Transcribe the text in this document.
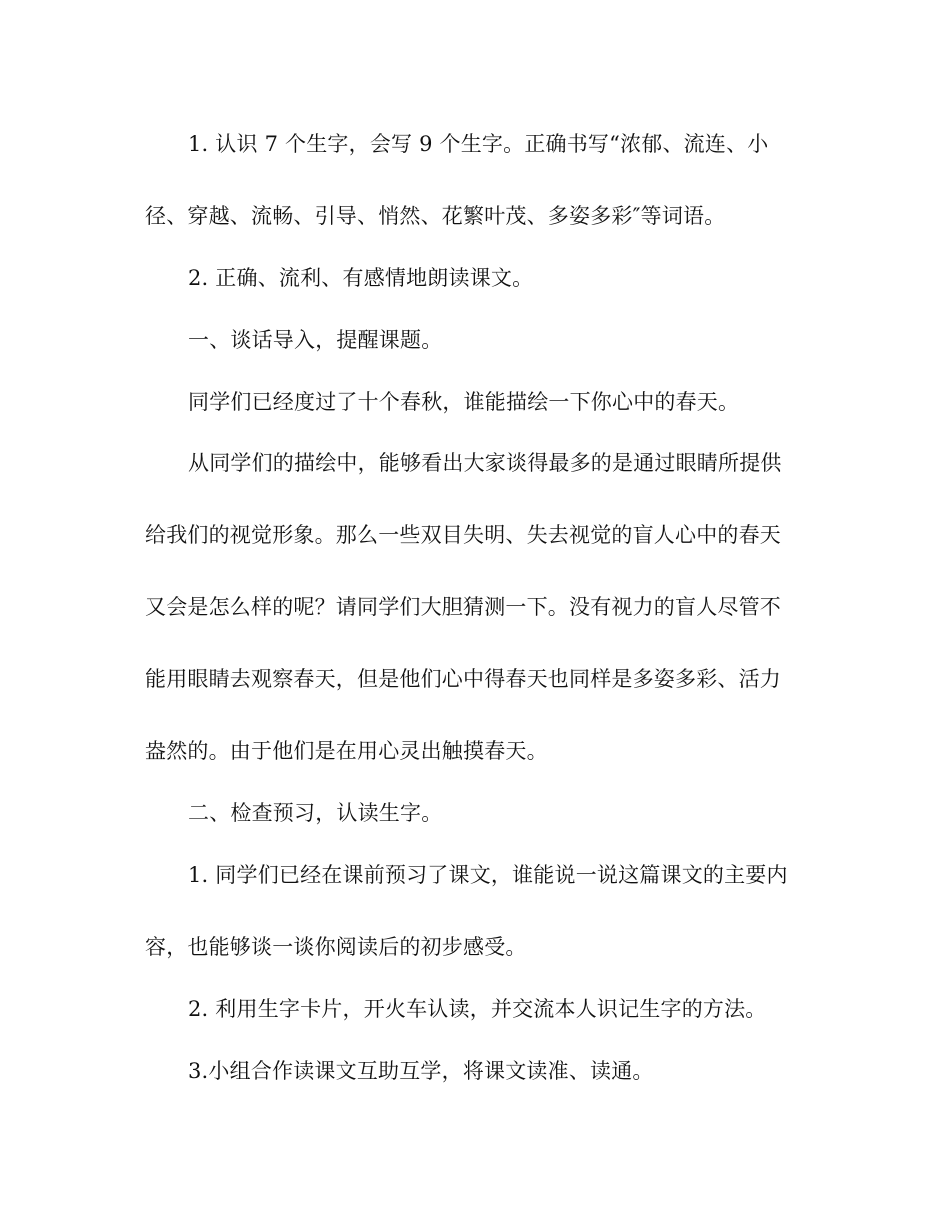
1. 认识 7 个生字，会写 9 个生字。正确书写“浓郁、流连、小
径、穿越、流畅、引导、悄然、花繁叶茂、多姿多彩″等词语。
2. 正确、流利、有感情地朗读课文。
一、谈话导入，提醒课题。
同学们已经度过了十个春秋，谁能描绘一下你心中的春天。
从同学们的描绘中，能够看出大家谈得最多的是通过眼睛所提供
给我们的视觉形象。那么一些双目失明、失去视觉的盲人心中的春天
又会是怎么样的呢？请同学们大胆猜测一下。没有视力的盲人尽管不
能用眼睛去观察春天，但是他们心中得春天也同样是多姿多彩、活力
盎然的。由于他们是在用心灵出触摸春天。
二、检查预习，认读生字。
1. 同学们已经在课前预习了课文，谁能说一说这篇课文的主要内
容，也能够谈一谈你阅读后的初步感受。
2. 利用生字卡片，开火车认读，并交流本人识记生字的方法。
3.小组合作读课文互助互学，将课文读准、读通。
